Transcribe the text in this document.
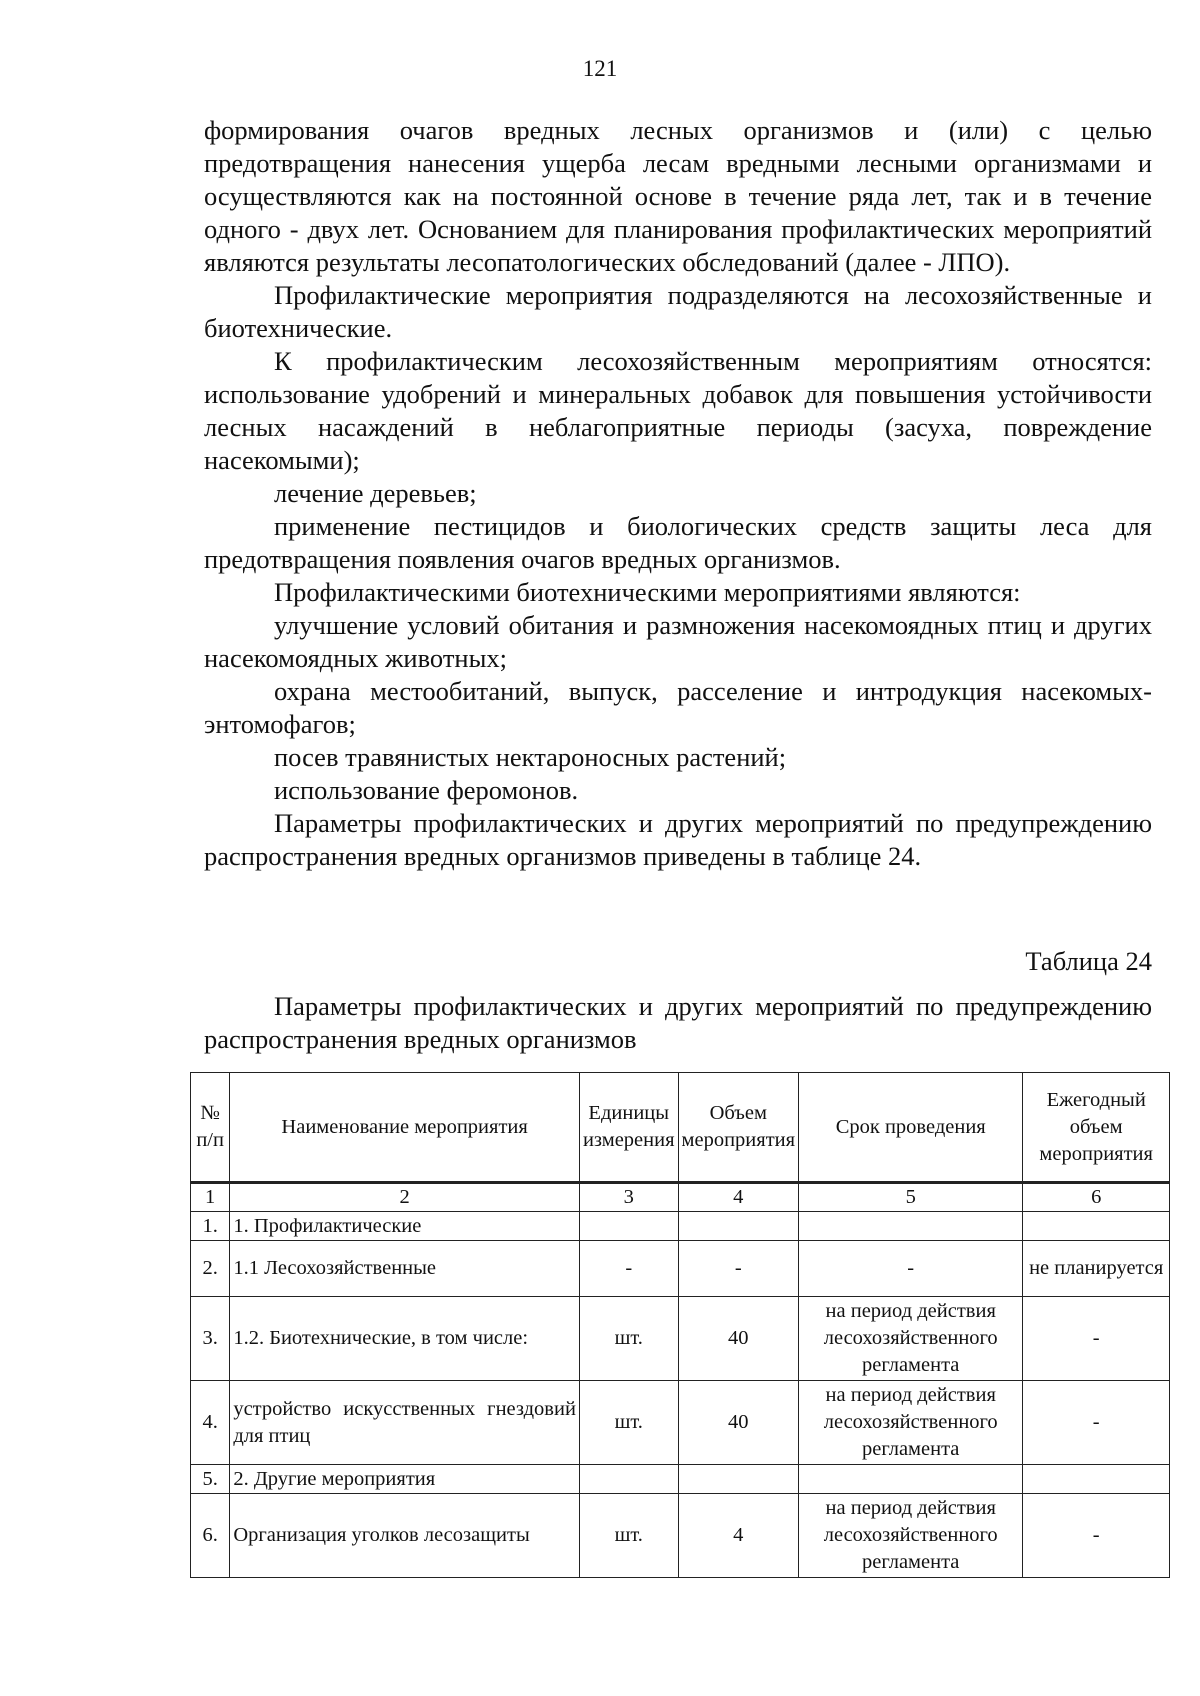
121

формирования очагов вредных лесных организмов и (или) с целью предотвращения нанесения ущерба лесам вредными лесными организмами и осуществляются как на постоянной основе в течение ряда лет, так и в течение одного - двух лет. Основанием для планирования профилактических мероприятий являются результаты лесопатологических обследований (далее - ЛПО).

Профилактические мероприятия подразделяются на лесохозяйственные и биотехнические.

К профилактическим лесохозяйственным мероприятиям относятся: использование удобрений и минеральных добавок для повышения устойчивости лесных насаждений в неблагоприятные периоды (засуха, повреждение насекомыми);

лечение деревьев;

применение пестицидов и биологических средств защиты леса для предотвращения появления очагов вредных организмов.

Профилактическими биотехническими мероприятиями являются:

улучшение условий обитания и размножения насекомоядных птиц и других насекомоядных животных;

охрана местообитаний, выпуск, расселение и интродукция насекомых-энтомофагов;

посев травянистых нектароносных растений;

использование феромонов.

Параметры профилактических и других мероприятий по предупреждению распространения вредных организмов приведены в таблице 24.

Таблица 24

Параметры профилактических и других мероприятий по предупреждению распространения вредных организмов

№ п/п	Наименование мероприятия	Единицы измерения	Объем мероприятия	Срок проведения	Ежегодный объем мероприятия
1	2	3	4	5	6
1.	1. Профилактические				
2.	1.1 Лесохозяйственные	-	-	-	не планируется
3.	1.2. Биотехнические, в том числе:	шт.	40	на период действия лесохозяйственного регламента	-
4.	устройство искусственных гнездовий для птиц	шт.	40	на период действия лесохозяйственного регламента	-
5.	2. Другие мероприятия				
6.	Организация уголков лесозащиты	шт.	4	на период действия лесохозяйственного регламента	-
